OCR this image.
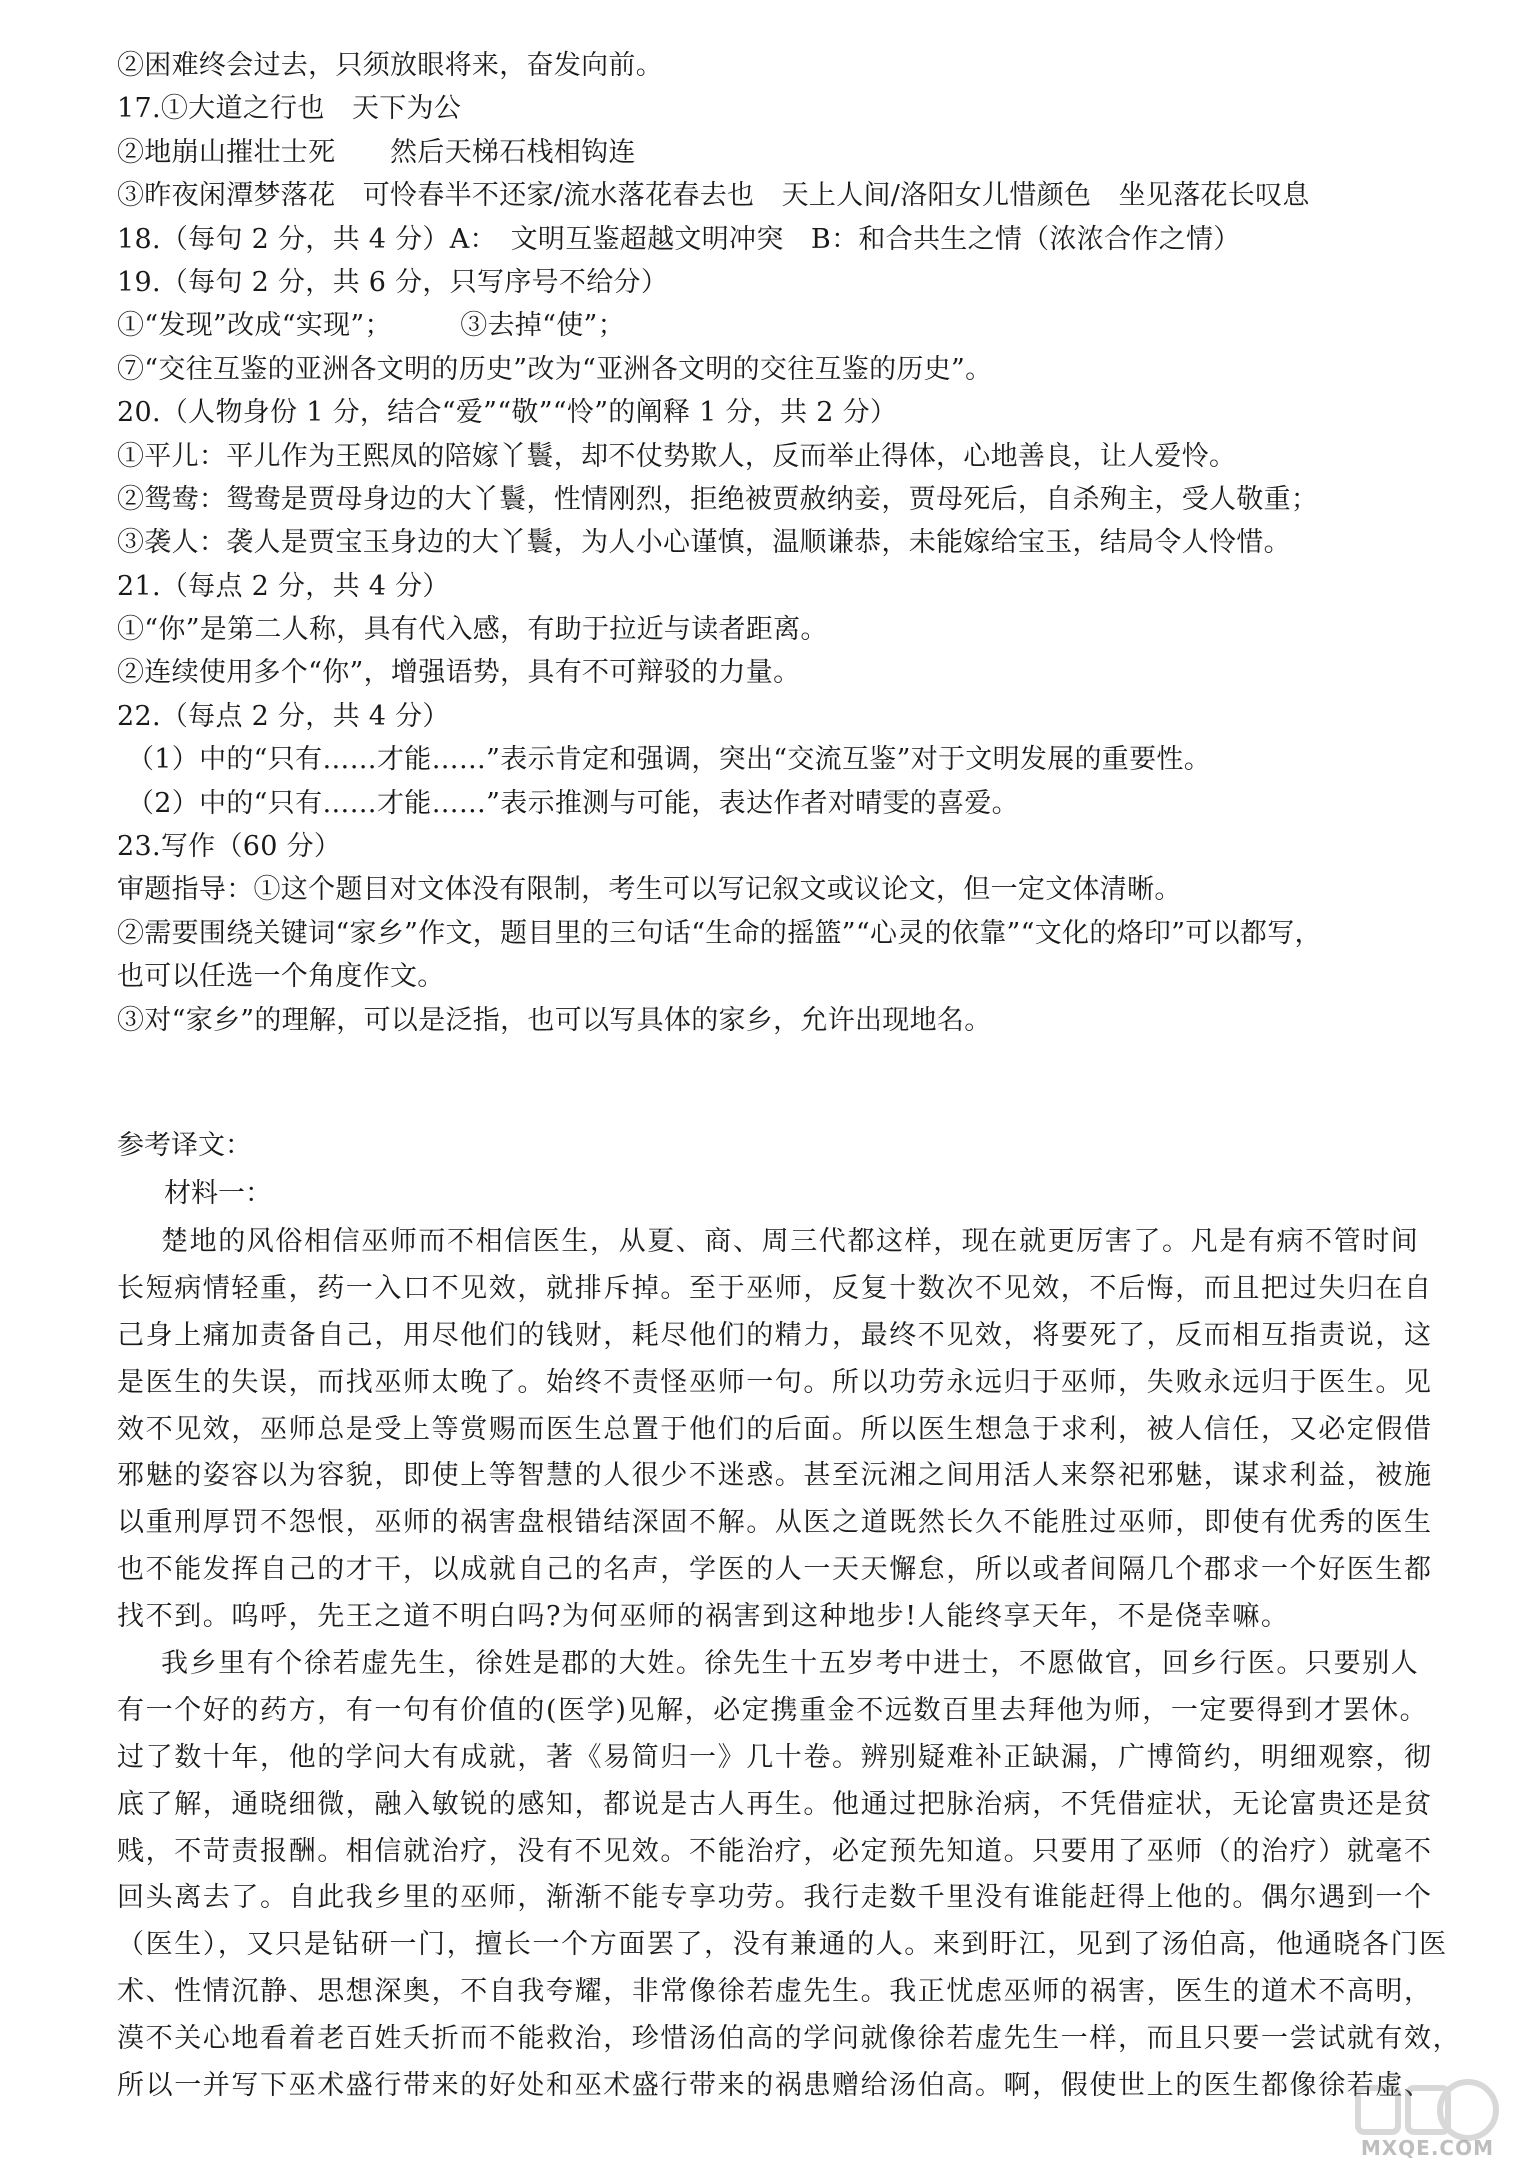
②困难终会过去，只须放眼将来，奋发向前。
17.①大道之行也　天下为公
②地崩山摧壮士死　　然后天梯石栈相钩连
③昨夜闲潭梦落花　可怜春半不还家/流水落花春去也　天上人间/洛阳女儿惜颜色　坐见落花长叹息
18.（每句 2 分，共 4 分）A：　文明互鉴超越文明冲突　B：和合共生之情（浓浓合作之情）
19.（每句 2 分，共 6 分，只写序号不给分）
①“发现”改成“实现”；　　　③去掉“使”；
⑦“交往互鉴的亚洲各文明的历史”改为“亚洲各文明的交往互鉴的历史”。
20.（人物身份 1 分，结合“爱”“敬”“怜”的阐释 1 分，共 2 分）
①平儿：平儿作为王熙凤的陪嫁丫鬟，却不仗势欺人，反而举止得体，心地善良，让人爱怜。
②鸳鸯：鸳鸯是贾母身边的大丫鬟，性情刚烈，拒绝被贾赦纳妾，贾母死后，自杀殉主，受人敬重；
③袭人：袭人是贾宝玉身边的大丫鬟，为人小心谨慎，温顺谦恭，未能嫁给宝玉，结局令人怜惜。
21.（每点 2 分，共 4 分）
①“你”是第二人称，具有代入感，有助于拉近与读者距离。
②连续使用多个“你”，增强语势，具有不可辩驳的力量。
22.（每点 2 分，共 4 分）
（1）中的“只有……才能……”表示肯定和强调，突出“交流互鉴”对于文明发展的重要性。
（2）中的“只有……才能……”表示推测与可能，表达作者对晴雯的喜爱。
23.写作（60 分）
审题指导：①这个题目对文体没有限制，考生可以写记叙文或议论文，但一定文体清晰。
②需要围绕关键词“家乡”作文，题目里的三句话“生命的摇篮”“心灵的依靠”“文化的烙印”可以都写，
也可以任选一个角度作文。
③对“家乡”的理解，可以是泛指，也可以写具体的家乡，允许出现地名。
参考译文：
材料一：
楚地的风俗相信巫师而不相信医生，从夏、商、周三代都这样，现在就更厉害了。凡是有病不管时间
长短病情轻重，药一入口不见效，就排斥掉。至于巫师，反复十数次不见效，不后悔，而且把过失归在自
己身上痛加责备自己，用尽他们的钱财，耗尽他们的精力，最终不见效，将要死了，反而相互指责说，这
是医生的失误，而找巫师太晚了。始终不责怪巫师一句。所以功劳永远归于巫师，失败永远归于医生。见
效不见效，巫师总是受上等赏赐而医生总置于他们的后面。所以医生想急于求利，被人信任，又必定假借
邪魅的姿容以为容貌，即使上等智慧的人很少不迷惑。甚至沅湘之间用活人来祭祀邪魅，谋求利益，被施
以重刑厚罚不怨恨，巫师的祸害盘根错结深固不解。从医之道既然长久不能胜过巫师，即使有优秀的医生
也不能发挥自己的才干，以成就自己的名声，学医的人一天天懈怠，所以或者间隔几个郡求一个好医生都
找不到。呜呼，先王之道不明白吗?为何巫师的祸害到这种地步!人能终享天年，不是侥幸嘛。
我乡里有个徐若虚先生，徐姓是郡的大姓。徐先生十五岁考中进士，不愿做官，回乡行医。只要别人
有一个好的药方，有一句有价值的(医学)见解，必定携重金不远数百里去拜他为师，一定要得到才罢休。
过了数十年，他的学问大有成就，著《易简归一》几十卷。辨别疑难补正缺漏，广博简约，明细观察，彻
底了解，通晓细微，融入敏锐的感知，都说是古人再生。他通过把脉治病，不凭借症状，无论富贵还是贫
贱，不苛责报酬。相信就治疗，没有不见效。不能治疗，必定预先知道。只要用了巫师（的治疗）就毫不
回头离去了。自此我乡里的巫师，渐渐不能专享功劳。我行走数千里没有谁能赶得上他的。偶尔遇到一个
（医生），又只是钻研一门，擅长一个方面罢了，没有兼通的人。来到盱江，见到了汤伯高，他通晓各门医
术、性情沉静、思想深奥，不自我夸耀，非常像徐若虚先生。我正忧虑巫师的祸害，医生的道术不高明，
漠不关心地看着老百姓夭折而不能救治，珍惜汤伯高的学问就像徐若虚先生一样，而且只要一尝试就有效，
所以一并写下巫术盛行带来的好处和巫术盛行带来的祸患赠给汤伯高。啊，假使世上的医生都像徐若虚、
MXQE.COM
